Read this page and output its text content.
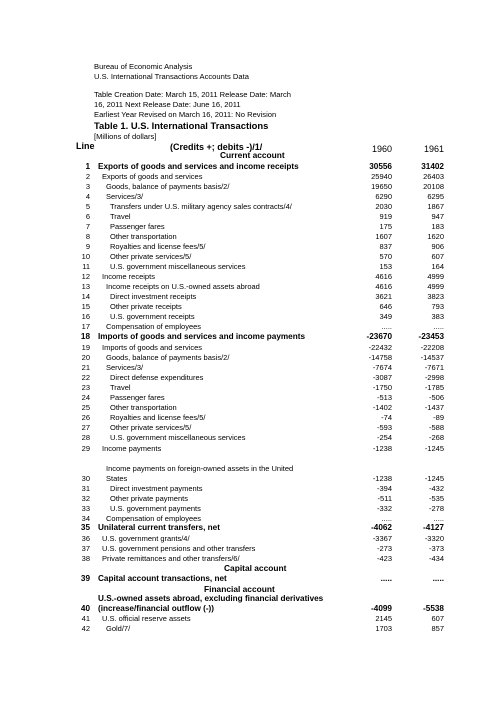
Bureau of Economic Analysis
U.S. International Transactions Accounts Data
Table Creation Date: March 15, 2011 Release Date: March
16, 2011 Next Release Date: June 16, 2011
Earliest Year Revised on March 16, 2011: No Revision
Table 1. U.S. International Transactions
[Millions of dollars]
Line	(Credits +; debits -)/1/	1960	1961
Current account
Capital account
Financial account
1 Exports of goods and services and income receipts	30556	31402
2 Exports of goods and services	25940	26403
3 Goods, balance of payments basis/2/	19650	20108
4 Services/3/	6290	6295
5	Transfers under U.S. military agency sales contracts/4/	2030	1867
6	Travel	919	947
7	Passenger fares	175	183
8	Other transportation	1607	1620
9	Royalties and license fees/5/	837	906
10	Other private services/5/	570	607
11	U.S. government miscellaneous services	153	164
12 Income receipts	4616	4999
13 Income receipts on U.S.-owned assets abroad	4616	4999
14	Direct investment receipts	3621	3823
15	Other private receipts	646	793
16	U.S. government receipts	349	383
17 Compensation of employees	.....	.....
18 Imports of goods and services and income payments	-23670	-23453
19 Imports of goods and services	-22432	-22208
20 Goods, balance of payments basis/2/	-14758	-14537
21 Services/3/	-7674	-7671
22	Direct defense expenditures	-3087	-2998
23	Travel	-1750	-1785
24	Passenger fares	-513	-506
25	Other transportation	-1402	-1437
26	Royalties and license fees/5/	-74	-89
27	Other private services/5/	-593	-588
28	U.S. government miscellaneous services	-254	-268
29 Income payments	-1238	-1245
Income payments on foreign-owned assets in the United
30 States	-1238	-1245
31	Direct investment payments	-394	-432
32	Other private payments	-511	-535
33	U.S. government payments	-332	-278
34 Compensation of employees	.....	.....
35 Unilateral current transfers, net	-4062	-4127
36 U.S. government grants/4/	-3367	-3320
37 U.S. government pensions and other transfers	-273	-373
38 Private remittances and other transfers/6/	-423	-434
39 Capital account transactions, net	.....	.....
U.S.-owned assets abroad, excluding financial derivatives
40 (increase/financial outflow (-))	-4099	-5538
41 U.S. official reserve assets	2145	607
42 Gold/7/	1703	857
